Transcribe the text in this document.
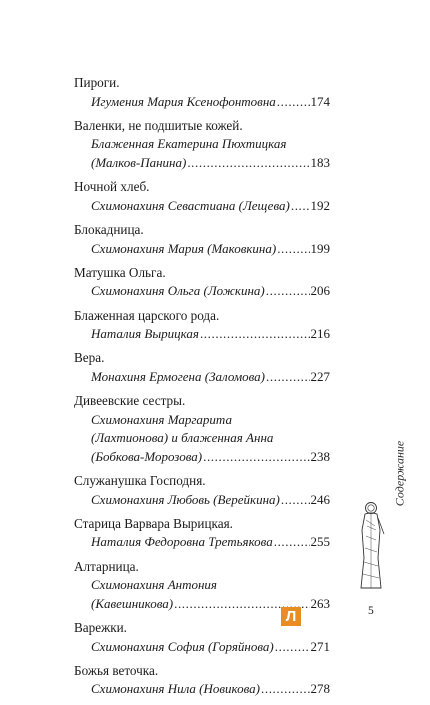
Пироги.
Игумения Мария Ксенофонтовна .....	174
Валенки, не подшитые кожей.
Блаженная Екатерина Пюхтицкая
(Малков-Панина) .....	183
Ночной хлеб.
Схимонахиня Севастиана (Лещева) ..... 192
Блокадница.
Схимонахиня Мария (Маковкина) .....	199
Матушка Ольга.
Схимонахиня Ольга (Ложкина) .....	206
Блаженная царского рода.
Наталия Вырицкая .....	216
Вера.
Монахиня Ермогена (Заломова) .....	227
Дивеевские сестры.
Схимонахиня Маргарита
(Лахтионова) и блаженная Анна
(Бобкова-Морозова) .....	238
Служанушка Господня.
Схимонахиня Любовь (Верейкина) ..... 246
Старица Варвара Вырицкая.
Наталия Федоровна Третьякова .....	255
Алтарница.
Схимонахиня Антония
(Кавешникова) .....	263
Варежки.
Схимонахиня София (Горяйнова) .....	271
Божья веточка.
Схимонахиня Нила (Новикова) .....	278
Содержание
5
Л
